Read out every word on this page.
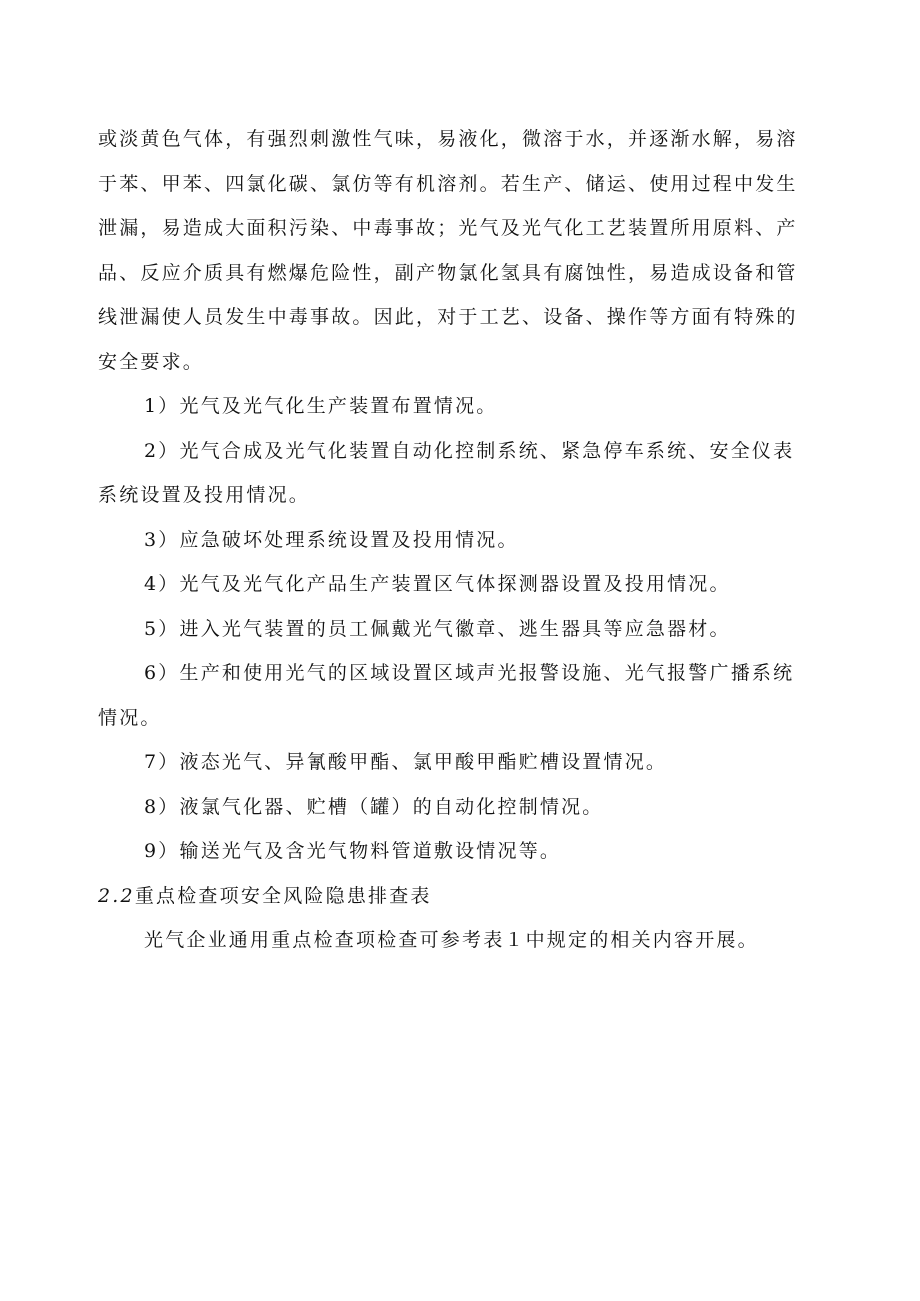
或淡黄色气体，有强烈刺激性气味，易液化，微溶于水，并逐渐水解，易溶
于苯、甲苯、四氯化碳、氯仿等有机溶剂。若生产、储运、使用过程中发生
泄漏，易造成大面积污染、中毒事故；光气及光气化工艺装置所用原料、产
品、反应介质具有燃爆危险性，副产物氯化氢具有腐蚀性，易造成设备和管
线泄漏使人员发生中毒事故。因此，对于工艺、设备、操作等方面有特殊的
安全要求。
1）光气及光气化生产装置布置情况。
2）光气合成及光气化装置自动化控制系统、紧急停车系统、安全仪表
系统设置及投用情况。
3）应急破坏处理系统设置及投用情况。
4）光气及光气化产品生产装置区气体探测器设置及投用情况。
5）进入光气装置的员工佩戴光气徽章、逃生器具等应急器材。
6）生产和使用光气的区域设置区域声光报警设施、光气报警广播系统
情况。
7）液态光气、异氰酸甲酯、氯甲酸甲酯贮槽设置情况。
8）液氯气化器、贮槽（罐）的自动化控制情况。
9）输送光气及含光气物料管道敷设情况等。
2.2重点检查项安全风险隐患排查表
光气企业通用重点检查项检查可参考表１中规定的相关内容开展。
